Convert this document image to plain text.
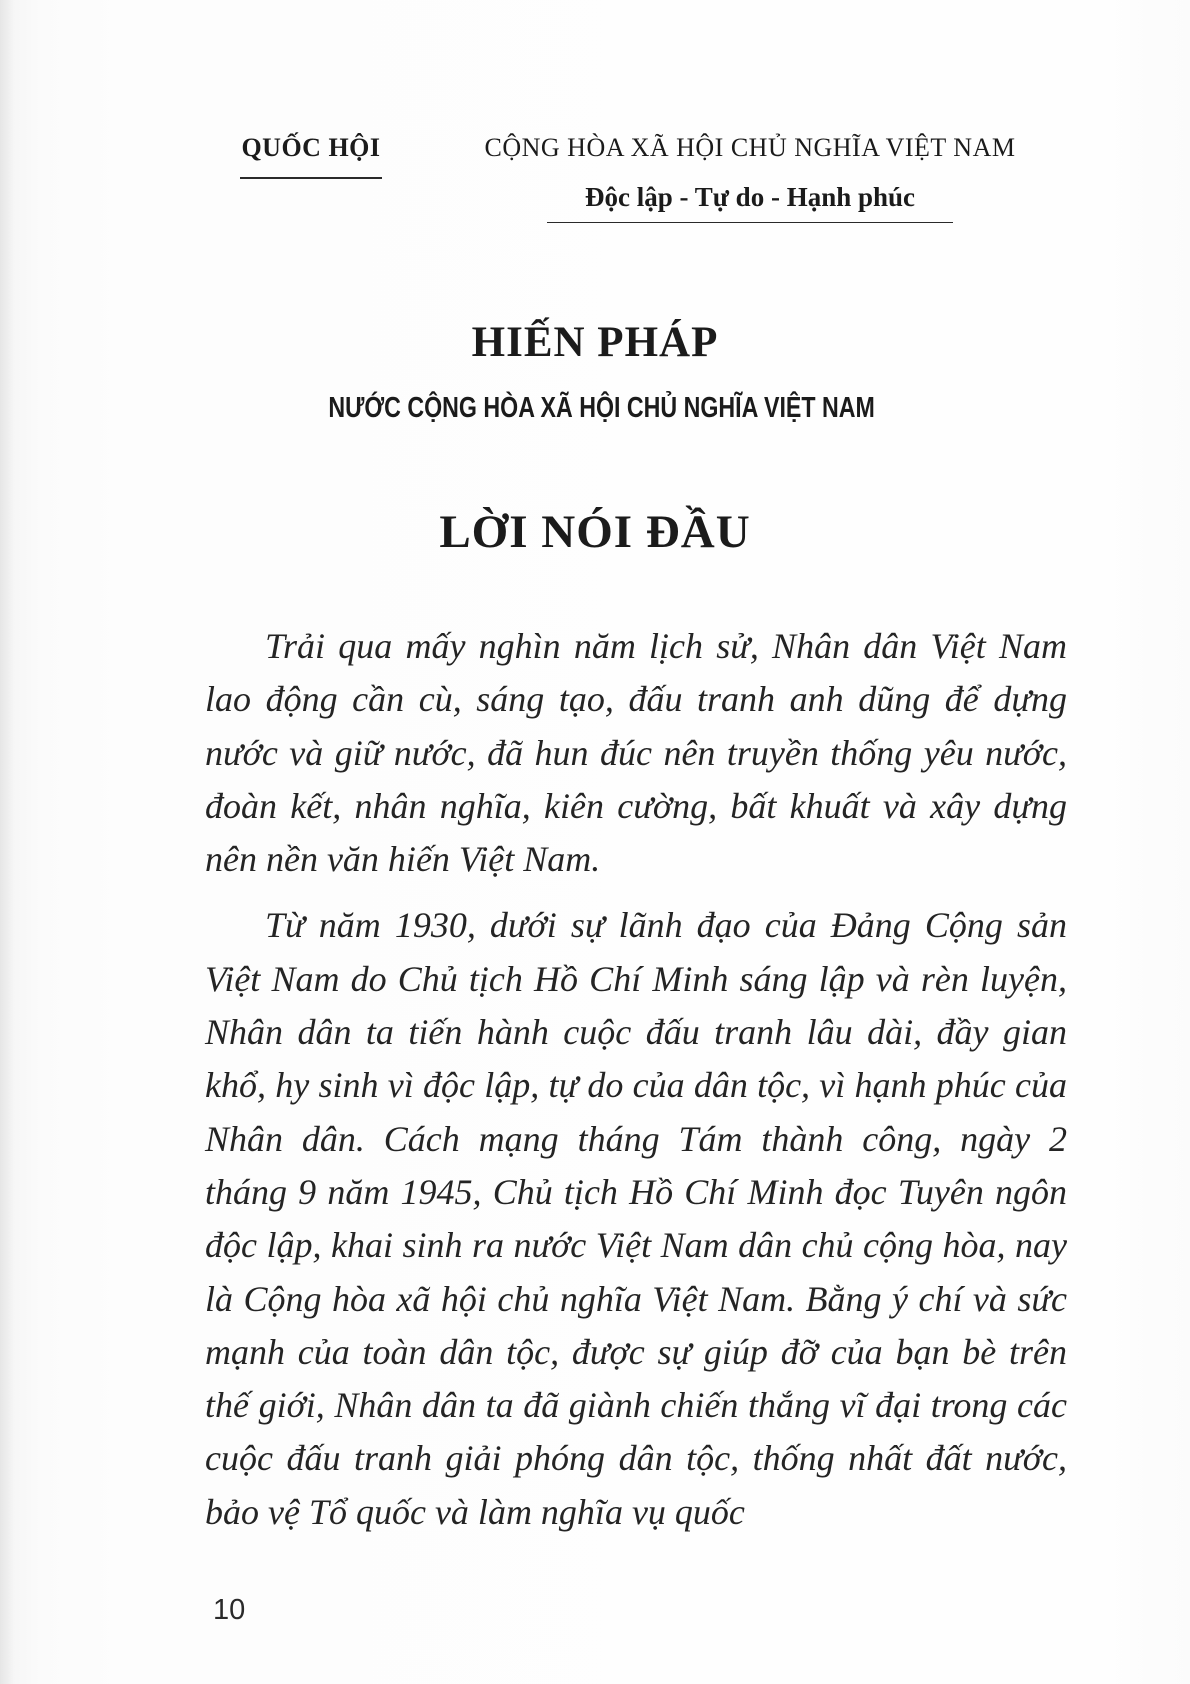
QUỐC HỘI	CỘNG HÒA XÃ HỘI CHỦ NGHĨA VIỆT NAM
Độc lập - Tự do - Hạnh phúc
HIẾN PHÁP
NƯỚC CỘNG HÒA XÃ HỘI CHỦ NGHĨA VIỆT NAM
LỜI NÓI ĐẦU

Trải qua mấy nghìn năm lịch sử, Nhân dân Việt Nam lao động cần cù, sáng tạo, đấu tranh anh dũng để dựng nước và giữ nước, đã hun đúc nên truyền thống yêu nước, đoàn kết, nhân nghĩa, kiên cường, bất khuất và xây dựng nên nền văn hiến Việt Nam.

Từ năm 1930, dưới sự lãnh đạo của Đảng Cộng sản Việt Nam do Chủ tịch Hồ Chí Minh sáng lập và rèn luyện, Nhân dân ta tiến hành cuộc đấu tranh lâu dài, đầy gian khổ, hy sinh vì độc lập, tự do của dân tộc, vì hạnh phúc của Nhân dân. Cách mạng tháng Tám thành công, ngày 2 tháng 9 năm 1945, Chủ tịch Hồ Chí Minh đọc Tuyên ngôn độc lập, khai sinh ra nước Việt Nam dân chủ cộng hòa, nay là Cộng hòa xã hội chủ nghĩa Việt Nam. Bằng ý chí và sức mạnh của toàn dân tộc, được sự giúp đỡ của bạn bè trên thế giới, Nhân dân ta đã giành chiến thắng vĩ đại trong các cuộc đấu tranh giải phóng dân tộc, thống nhất đất nước, bảo vệ Tổ quốc và làm nghĩa vụ quốc

10
